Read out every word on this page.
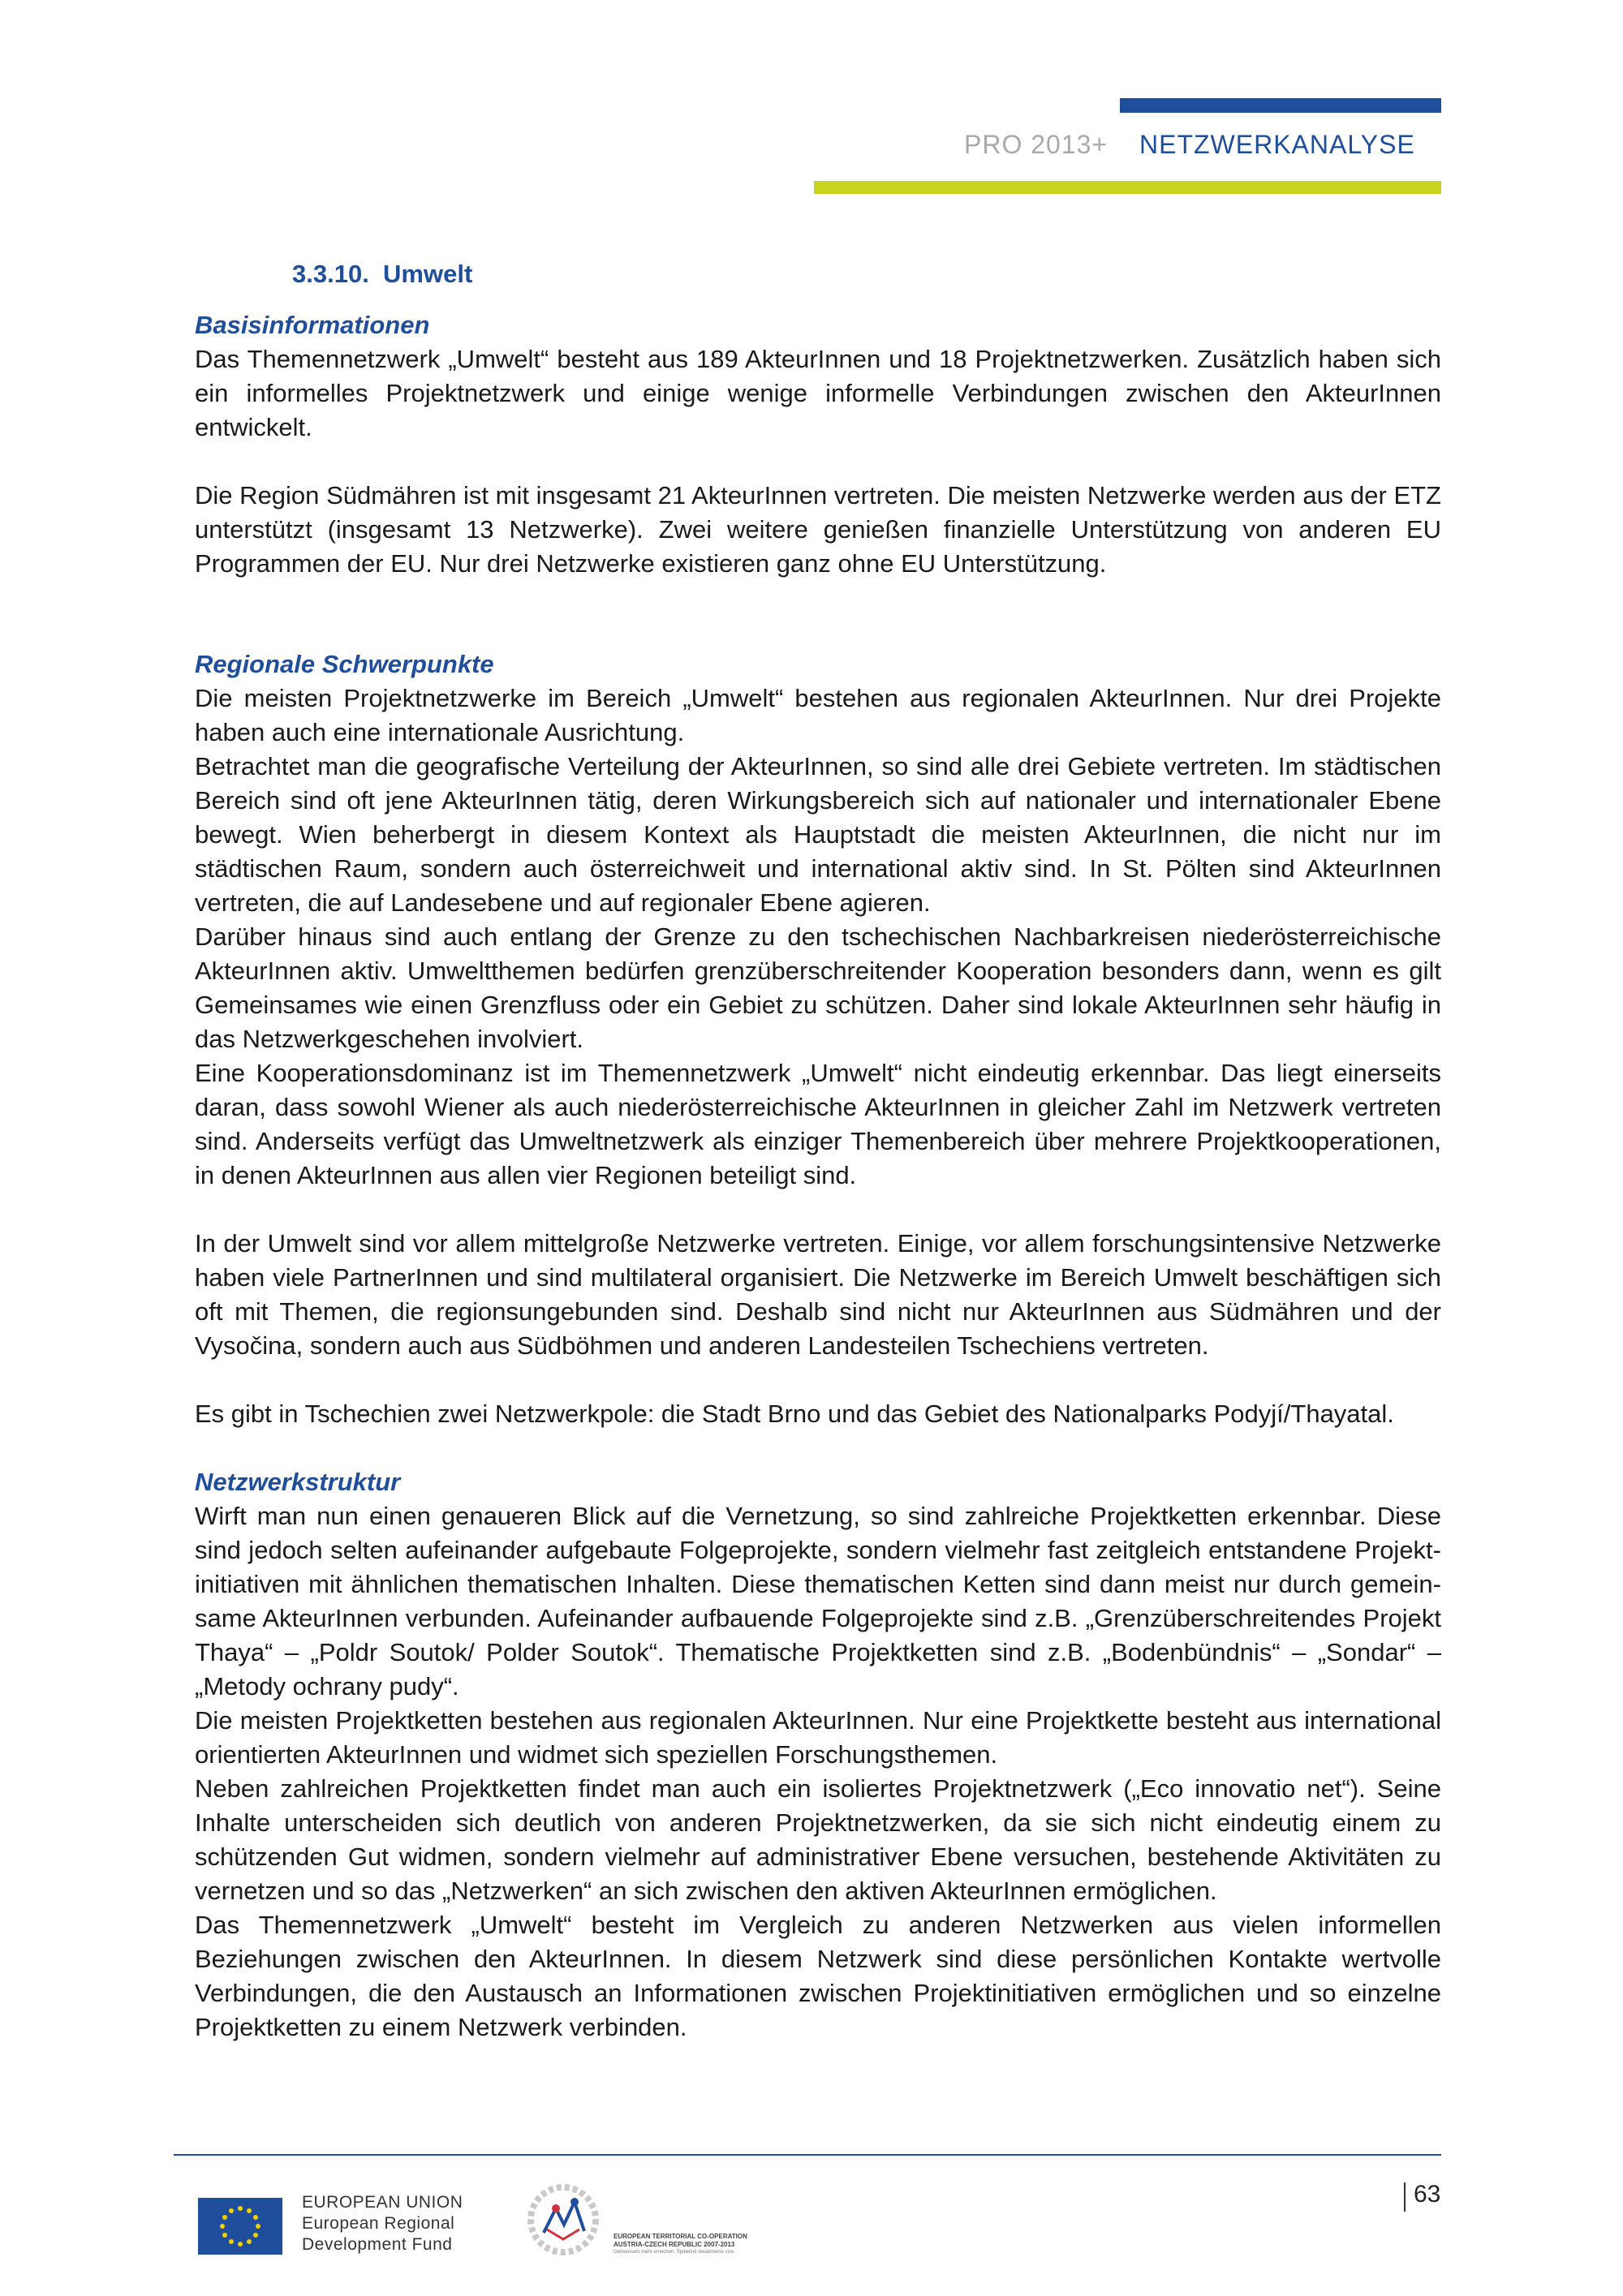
PRO 2013+ NETZWERKANALYSE
3.3.10. Umwelt
Basisinformationen

Das Themennetzwerk „Umwelt“ besteht aus 189 AkteurInnen und 18 Projektnetzwerken. Zusätzlich haben sich ein informelles Projektnetzwerk und einige wenige informelle Verbindungen zwischen den AkteurInnen entwickelt.

Die Region Südmähren ist mit insgesamt 21 AkteurInnen vertreten. Die meisten Netzwerke werden aus der ETZ unterstützt (insgesamt 13 Netzwerke). Zwei weitere genießen finanzielle Unterstützung von anderen EU Programmen der EU. Nur drei Netzwerke existieren ganz ohne EU Unterstützung.

Regionale Schwerpunkte

Die meisten Projektnetzwerke im Bereich „Umwelt“ bestehen aus regionalen AkteurInnen. Nur drei Projekte haben auch eine internationale Ausrichtung.

Betrachtet man die geografische Verteilung der AkteurInnen, so sind alle drei Gebiete vertreten. Im städtischen Bereich sind oft jene AkteurInnen tätig, deren Wirkungsbereich sich auf nationaler und internationaler Ebene bewegt. Wien beherbergt in diesem Kontext als Hauptstadt die meisten AkteurInnen, die nicht nur im städtischen Raum, sondern auch österreichweit und international aktiv sind. In St. Pölten sind AkteurInnen vertreten, die auf Landesebene und auf regionaler Ebene agieren.

Darüber hinaus sind auch entlang der Grenze zu den tschechischen Nachbarkreisen niederösterreichische AkteurInnen aktiv. Umweltthemen bedürfen grenzüberschreitender Kooperation besonders dann, wenn es gilt Gemeinsames wie einen Grenzfluss oder ein Gebiet zu schützen. Daher sind lokale AkteurInnen sehr häufig in das Netzwerkgeschehen involviert.

Eine Kooperationsdominanz ist im Themennetzwerk „Umwelt“ nicht eindeutig erkennbar. Das liegt einerseits daran, dass sowohl Wiener als auch niederösterreichische AkteurInnen in gleicher Zahl im Netzwerk vertreten sind. Anderseits verfügt das Umweltnetzwerk als einziger Themenbereich über mehrere Projektkooperationen, in denen AkteurInnen aus allen vier Regionen beteiligt sind.

In der Umwelt sind vor allem mittelgroße Netzwerke vertreten. Einige, vor allem forschungsintensive Netzwerke haben viele PartnerInnen und sind multilateral organisiert. Die Netzwerke im Bereich Umwelt beschäftigen sich oft mit Themen, die regionsungebunden sind. Deshalb sind nicht nur AkteurInnen aus Südmähren und der Vysočina, sondern auch aus Südböhmen und anderen Landesteilen Tschechiens vertreten.

Es gibt in Tschechien zwei Netzwerkpole: die Stadt Brno und das Gebiet des Nationalparks Podyjí/Thayatal.

Netzwerkstruktur

Wirft man nun einen genaueren Blick auf die Vernetzung, so sind zahlreiche Projektketten erkennbar. Diese sind jedoch selten aufeinander aufgebaute Folgeprojekte, sondern vielmehr fast zeitgleich entstandene Projekt-initiativen mit ähnlichen thematischen Inhalten. Diese thematischen Ketten sind dann meist nur durch gemein-same AkteurInnen verbunden. Aufeinander aufbauende Folgeprojekte sind z.B. „Grenzüberschreitendes Projekt Thaya“ – „Poldr Soutok/ Polder Soutok“. Thematische Projektketten sind z.B. „Bodenbündnis“ – „Sondar“ – „Metody ochrany pudy“.

Die meisten Projektketten bestehen aus regionalen AkteurInnen. Nur eine Projektkette besteht aus international orientierten AkteurInnen und widmet sich speziellen Forschungsthemen.

Neben zahlreichen Projektketten findet man auch ein isoliertes Projektnetzwerk („Eco innovatio net“). Seine Inhalte unterscheiden sich deutlich von anderen Projektnetzwerken, da sie sich nicht eindeutig einem zu schützenden Gut widmen, sondern vielmehr auf administrativer Ebene versuchen, bestehende Aktivitäten zu vernetzen und so das „Netzwerken“ an sich zwischen den aktiven AkteurInnen ermöglichen.

Das Themennetzwerk „Umwelt“ besteht im Vergleich zu anderen Netzwerken aus vielen informellen Beziehungen zwischen den AkteurInnen. In diesem Netzwerk sind diese persönlichen Kontakte wertvolle Verbindungen, die den Austausch an Informationen zwischen Projektinitiativen ermöglichen und so einzelne Projektketten zu einem Netzwerk verbinden.

EUROPEAN UNION
European Regional
Development Fund	EUROPEAN TERRITORIAL CO-OPERATION
AUSTRIA-CZECH REPUBLIC 2007-2013
Gemeinsam mehr erreichen. Společně dosáhneme více.
63
